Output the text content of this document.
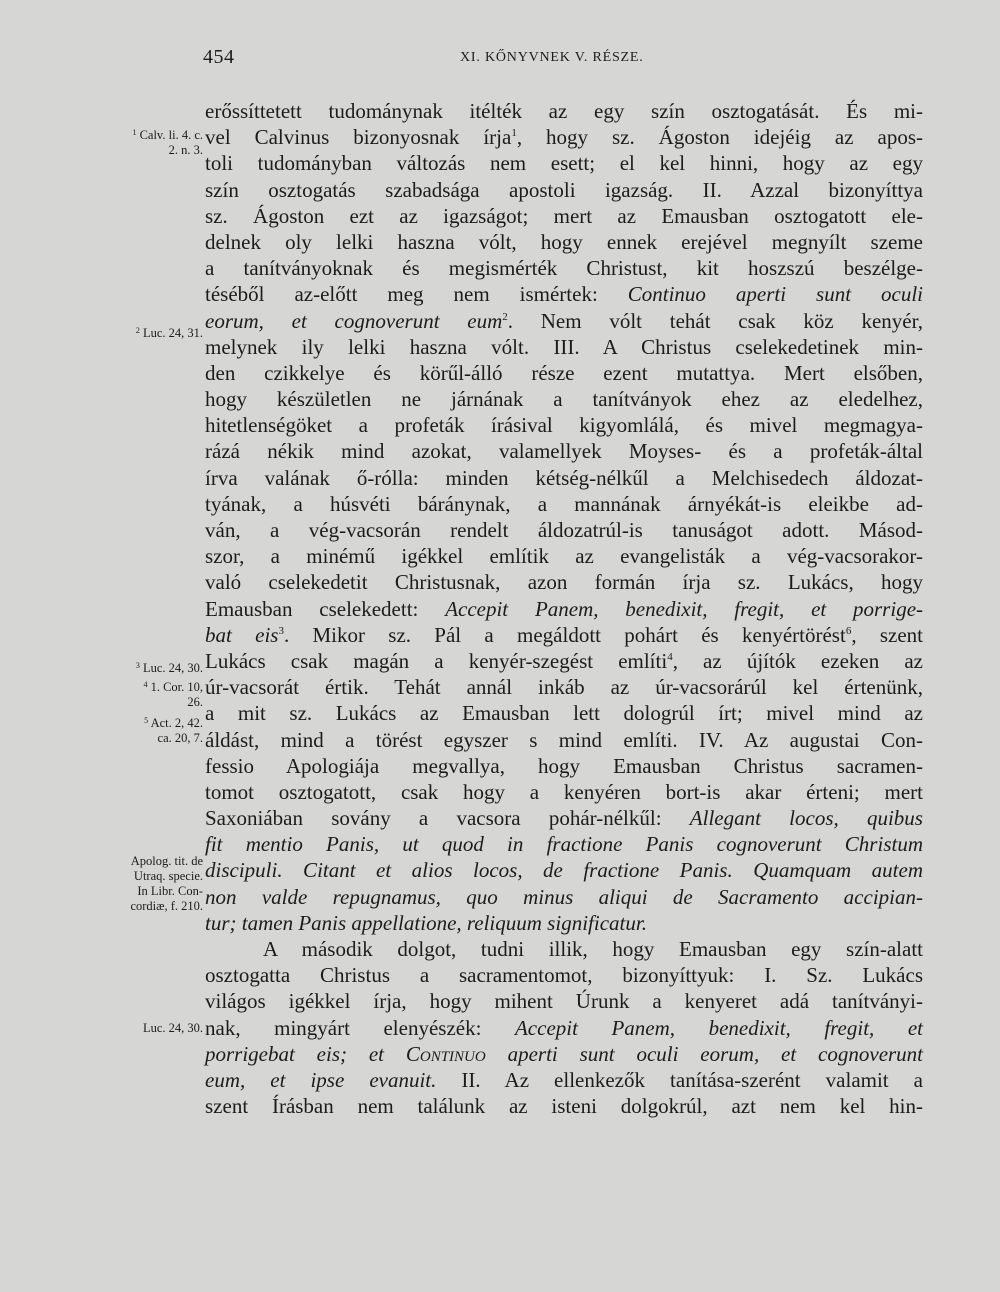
454	XI. KŐNYVNEK V. RÉSZE.
$^1$ Calv. li. 4. c.
2. n. 3.
$^2$ Luc. 24, 31.
$^3$ Luc. 24, 30.
$^4$ 1. Cor. 10,
26.
$^5$ Act. 2, 42.
ca. 20, 7.
Apolog. tit. de
Utraq. specie.
In Libr. Con-
cordiæ, f. 210.
Luc. 24, 30.
erőssíttetett tudománynak itélték az egy szín osztogatását. És mi-
vel Calvinus bizonyosnak írja$^1$, hogy sz. Ágoston idejéig az apos-
toli tudományban változás nem esett; el kel hinni, hogy az egy
szín osztogatás szabadsága apostoli igazság. II. Azzal bizonyíttya
sz. Ágoston ezt az igazságot; mert az Emausban osztogatott ele-
delnek oly lelki haszna vólt, hogy ennek erejével megnyílt szeme
a tanítványoknak és megismérték Christust, kit hoszszú beszélge-
téséből az-előtt meg nem ismértek: Continuo aperti sunt oculi
eorum, et cognoverunt eum$^2$. Nem vólt tehát csak köz kenyér,
melynek ily lelki haszna vólt. III. A Christus cselekedetinek min-
den czikkelye és körűl-álló része ezent mutattya. Mert elsőben,
hogy készületlen ne járnának a tanítványok ehez az eledelhez,
hitetlenségöket a profeták írásival kigyomlálá, és mivel megmagya-
rázá nékik mind azokat, valamellyek Moyses- és a profeták-által
írva valának ő-rólla: minden kétség-nélkűl a Melchisedech áldozat-
tyának, a húsvéti báránynak, a mannának árnyékát-is eleikbe ad-
ván, a vég-vacsorán rendelt áldozatrúl-is tanuságot adott. Másod-
szor, a minémű igékkel említik az evangelisták a vég-vacsorakor-
való cselekedetit Christusnak, azon formán írja sz. Lukács, hogy
Emausban cselekedett: Accepit Panem, benedixit, fregit, et porrige-
bat eis$^3$. Mikor sz. Pál a megáldott pohárt és kenyértörést$^6$, szent
Lukács csak magán a kenyér-szegést említi$^4$, az újítók ezeken az
úr-vacsorát értik. Tehát annál inkáb az úr-vacsorárúl kel értenünk,
a mit sz. Lukács az Emausban lett dologrúl írt; mivel mind az
áldást, mind a törést egyszer s mind említi. IV. Az augustai Con-
fessio Apologiája megvallya, hogy Emausban Christus sacramen-
tomot osztogatott, csak hogy a kenyéren bort-is akar érteni; mert
Saxoniában sovány a vacsora pohár-nélkűl: Allegant locos, quibus
fit mentio Panis, ut quod in fractione Panis cognoverunt Christum
discipuli. Citant et alios locos, de fractione Panis. Quamquam autem
non valde repugnamus, quo minus aliqui de Sacramento accipian-
tur; tamen Panis appellatione, reliquum significatur.
A második dolgot, tudni illik, hogy Emausban egy szín-alatt
osztogatta Christus a sacramentomot, bizonyíttyuk: I. Sz. Lukács
világos igékkel írja, hogy mihent Úrunk a kenyeret adá tanítványi-
nak, mingyárt elenyészék: Accepit Panem, benedixit, fregit, et
porrigebat eis; et Continuo aperti sunt oculi eorum, et cognoverunt
eum, et ipse evanuit. II. Az ellenkezők tanítása-szerént valamit a
szent Írásban nem találunk az isteni dolgokrúl, azt nem kel hin-
